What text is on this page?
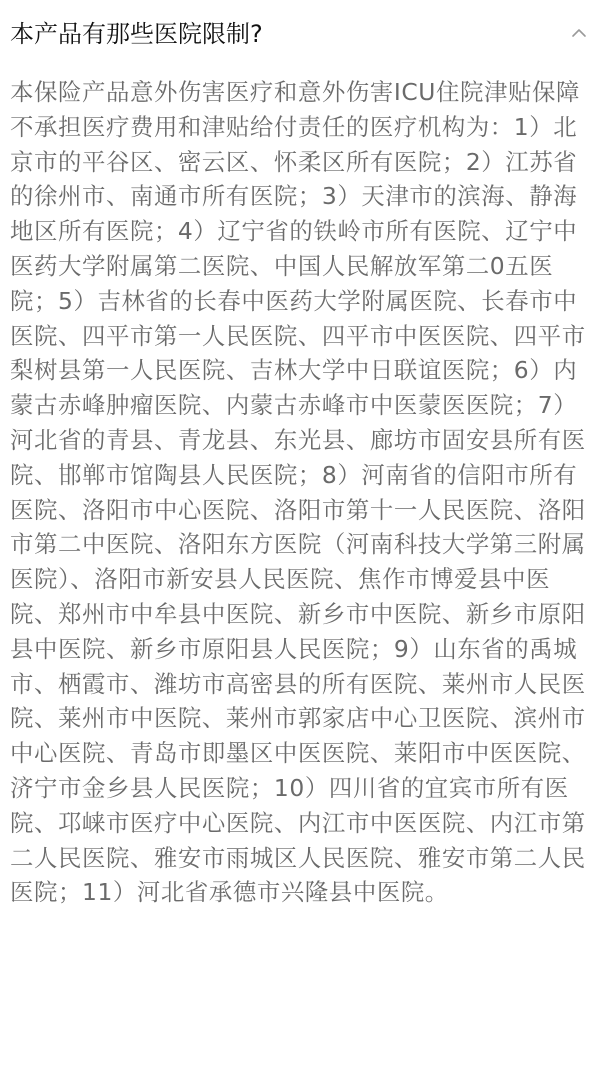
本产品有那些医院限制?

本保险产品意外伤害医疗和意外伤害ICU住院津贴保障不承担医疗费用和津贴给付责任的医疗机构为：1）北京市的平谷区、密云区、怀柔区所有医院；2）江苏省的徐州市、南通市所有医院；3）天津市的滨海、静海地区所有医院；4）辽宁省的铁岭市所有医院、辽宁中医药大学附属第二医院、中国人民解放军第二0五医院；5）吉林省的长春中医药大学附属医院、长春市中医院、四平市第一人民医院、四平市中医医院、四平市梨树县第一人民医院、吉林大学中日联谊医院；6）内蒙古赤峰肿瘤医院、内蒙古赤峰市中医蒙医医院；7）河北省的青县、青龙县、东光县、廊坊市固安县所有医院、邯郸市馆陶县人民医院；8）河南省的信阳市所有医院、洛阳市中心医院、洛阳市第十一人民医院、洛阳市第二中医院、洛阳东方医院（河南科技大学第三附属医院）、洛阳市新安县人民医院、焦作市博爱县中医院、郑州市中牟县中医院、新乡市中医院、新乡市原阳县中医院、新乡市原阳县人民医院；9）山东省的禹城市、栖霞市、潍坊市高密县的所有医院、莱州市人民医院、莱州市中医院、莱州市郭家店中心卫医院、滨州市中心医院、青岛市即墨区中医医院、莱阳市中医医院、济宁市金乡县人民医院；10）四川省的宜宾市所有医院、邛崃市医疗中心医院、内江市中医医院、内江市第二人民医院、雅安市雨城区人民医院、雅安市第二人民医院；11）河北省承德市兴隆县中医院。
